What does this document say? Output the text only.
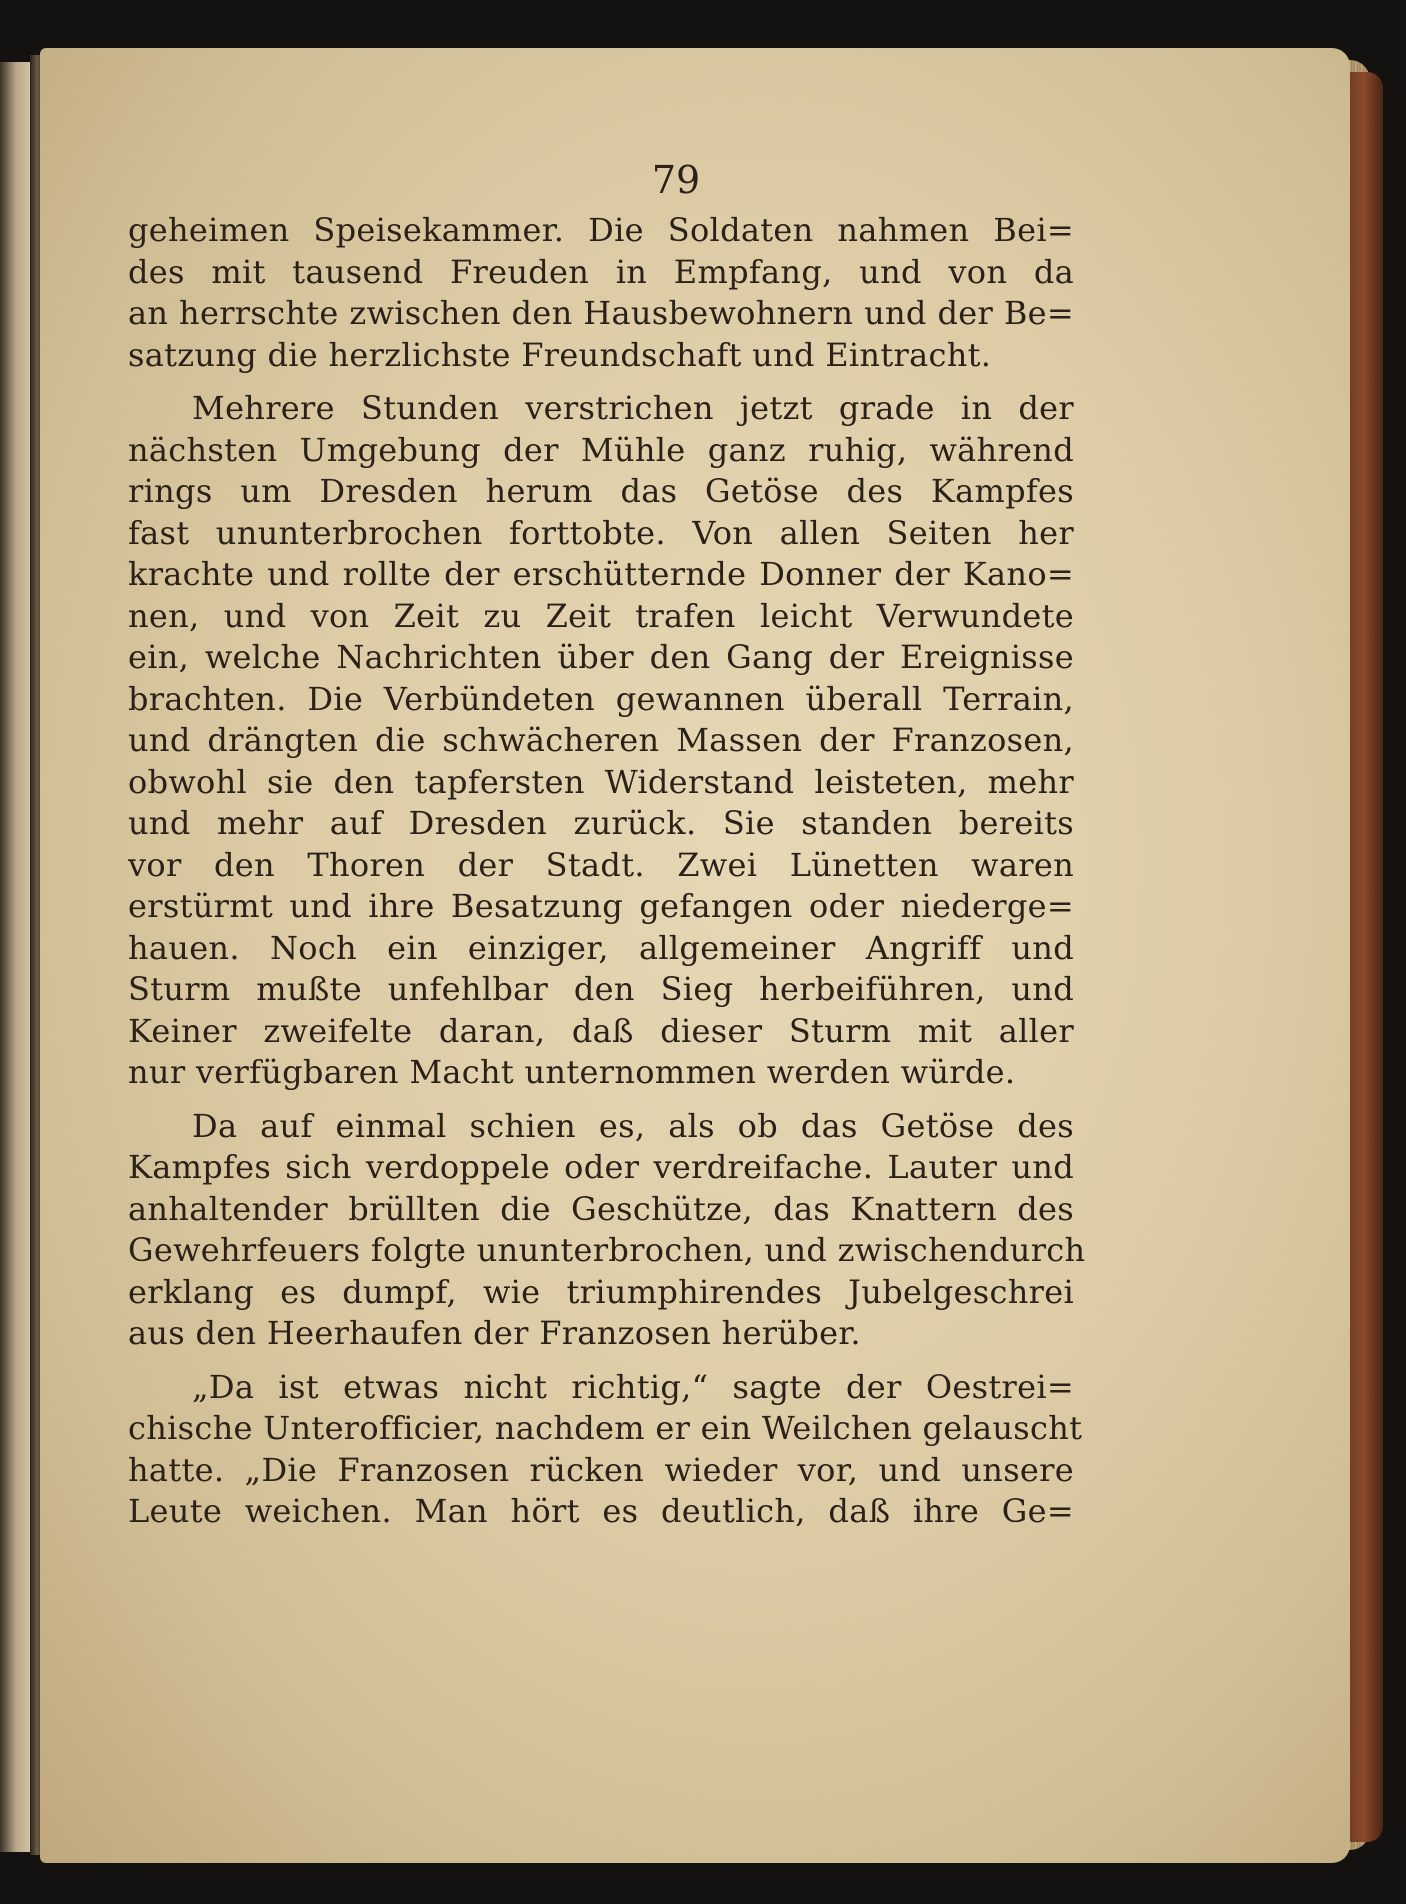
79
geheimen Speisekammer. Die Soldaten nahmen Bei=
des mit tausend Freuden in Empfang, und von da
an herrschte zwischen den Hausbewohnern und der Be=
satzung die herzlichste Freundschaft und Eintracht.
Mehrere Stunden verstrichen jetzt grade in der
nächsten Umgebung der Mühle ganz ruhig, während
rings um Dresden herum das Getöse des Kampfes
fast ununterbrochen forttobte. Von allen Seiten her
krachte und rollte der erschütternde Donner der Kano=
nen, und von Zeit zu Zeit trafen leicht Verwundete
ein, welche Nachrichten über den Gang der Ereignisse
brachten. Die Verbündeten gewannen überall Terrain,
und drängten die schwächeren Massen der Franzosen,
obwohl sie den tapfersten Widerstand leisteten, mehr
und mehr auf Dresden zurück. Sie standen bereits
vor den Thoren der Stadt. Zwei Lünetten waren
erstürmt und ihre Besatzung gefangen oder niederge=
hauen. Noch ein einziger, allgemeiner Angriff und
Sturm mußte unfehlbar den Sieg herbeiführen, und
Keiner zweifelte daran, daß dieser Sturm mit aller
nur verfügbaren Macht unternommen werden würde.
Da auf einmal schien es, als ob das Getöse des
Kampfes sich verdoppele oder verdreifache. Lauter und
anhaltender brüllten die Geschütze, das Knattern des
Gewehrfeuers folgte ununterbrochen, und zwischendurch
erklang es dumpf, wie triumphirendes Jubelgeschrei
aus den Heerhaufen der Franzosen herüber.
„Da ist etwas nicht richtig,“ sagte der Oestrei=
chische Unterofficier, nachdem er ein Weilchen gelauscht
hatte. „Die Franzosen rücken wieder vor, und unsere
Leute weichen. Man hört es deutlich, daß ihre Ge=
